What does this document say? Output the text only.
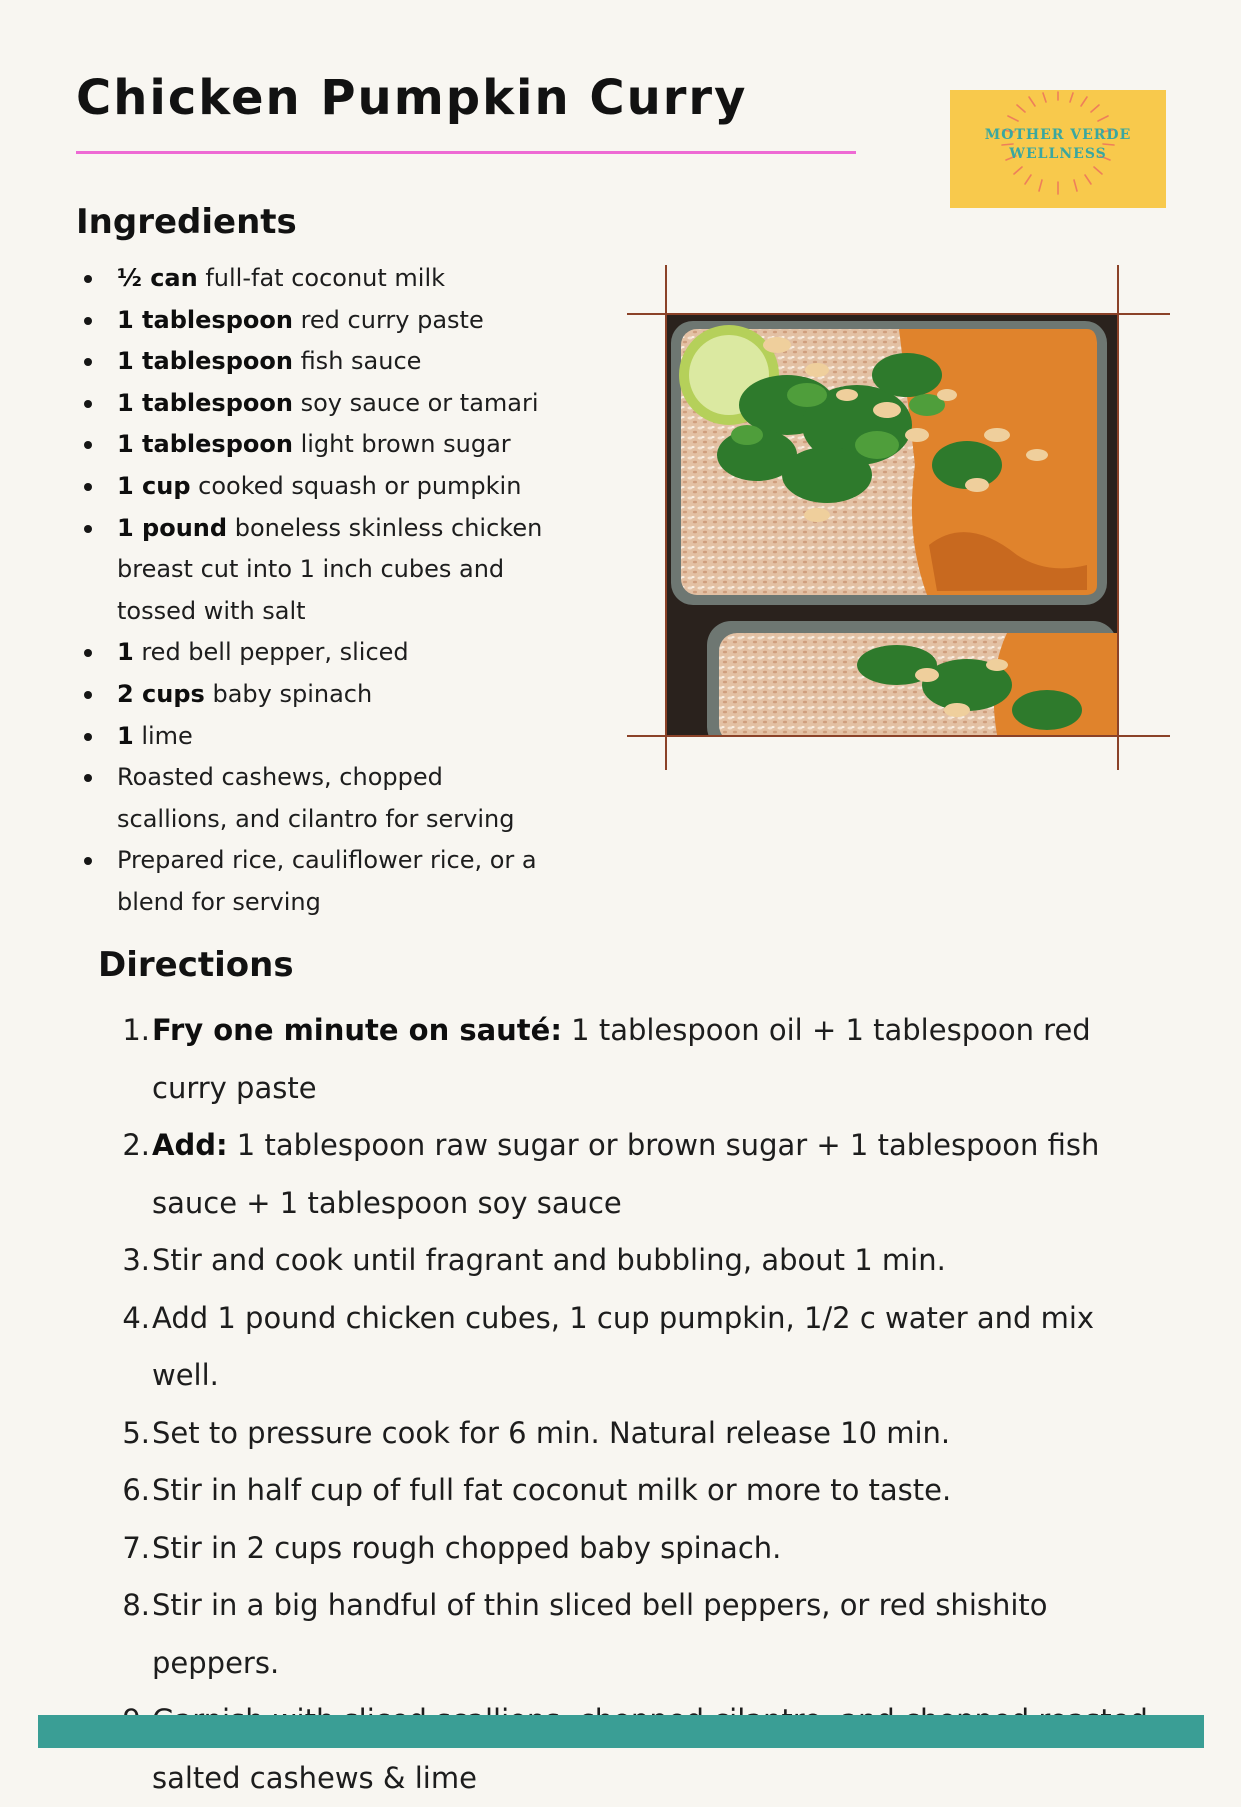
Chicken Pumpkin Curry
MOTHER VERDE
WELLNESS
Ingredients
½ can full-fat coconut milk
1 tablespoon red curry paste
1 tablespoon fish sauce
1 tablespoon soy sauce or tamari
1 tablespoon light brown sugar
1 cup cooked squash or pumpkin
1 pound boneless skinless chicken breast cut into 1 inch cubes and tossed with salt
1 red bell pepper, sliced
2 cups baby spinach
1 lime
Roasted cashews, chopped scallions, and cilantro for serving
Prepared rice, cauliflower rice, or a blend for serving
Directions
1. Fry one minute on sauté: 1 tablespoon oil + 1 tablespoon red curry paste
2. Add: 1 tablespoon raw sugar or brown sugar + 1 tablespoon fish sauce + 1 tablespoon soy sauce
3. Stir and cook until fragrant and bubbling, about 1 min.
4. Add 1 pound chicken cubes, 1 cup pumpkin, 1/2 c water and mix well.
5. Set to pressure cook for 6 min. Natural release 10 min.
6. Stir in half cup of full fat coconut milk or more to taste.
7. Stir in 2 cups rough chopped baby spinach.
8. Stir in a big handful of thin sliced bell peppers, or red shishito peppers.
salted cashews & lime
